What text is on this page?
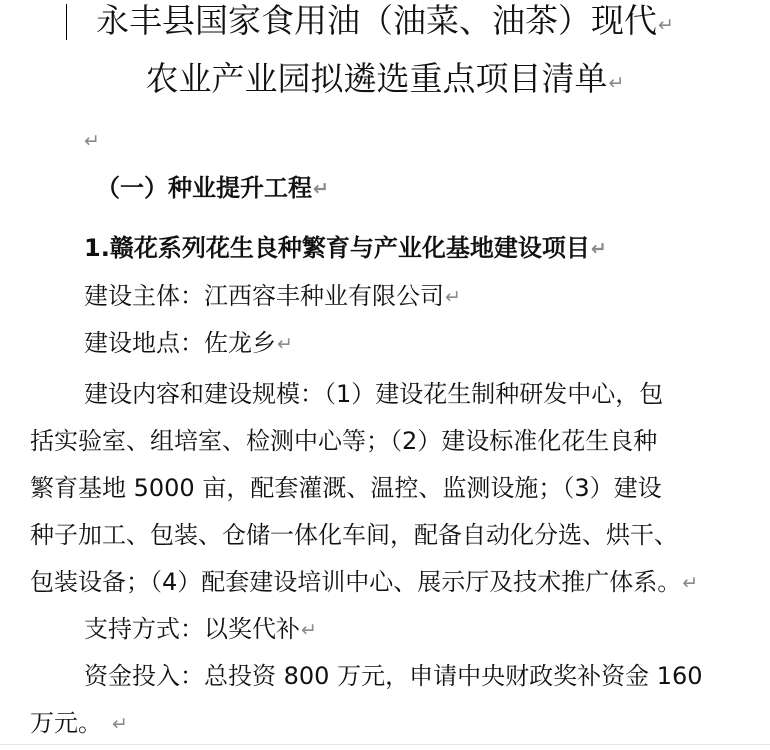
永丰县国家食用油（油菜、油茶）现代↵
农业产业园拟遴选重点项目清单↵
↵
（一）种业提升工程↵
1.赣花系列花生良种繁育与产业化基地建设项目↵
建设主体：江西容丰种业有限公司↵
建设地点：佐龙乡↵
建设内容和建设规模：（1）建设花生制种研发中心，包
括实验室、组培室、检测中心等；（2）建设标准化花生良种
繁育基地 5000 亩，配套灌溉、温控、监测设施；（3）建设
种子加工、包装、仓储一体化车间，配备自动化分选、烘干、
包装设备；（4）配套建设培训中心、展示厅及技术推广体系。↵
支持方式：以奖代补↵
资金投入：总投资 800 万元，申请中央财政奖补资金 160
万元。 ↵
